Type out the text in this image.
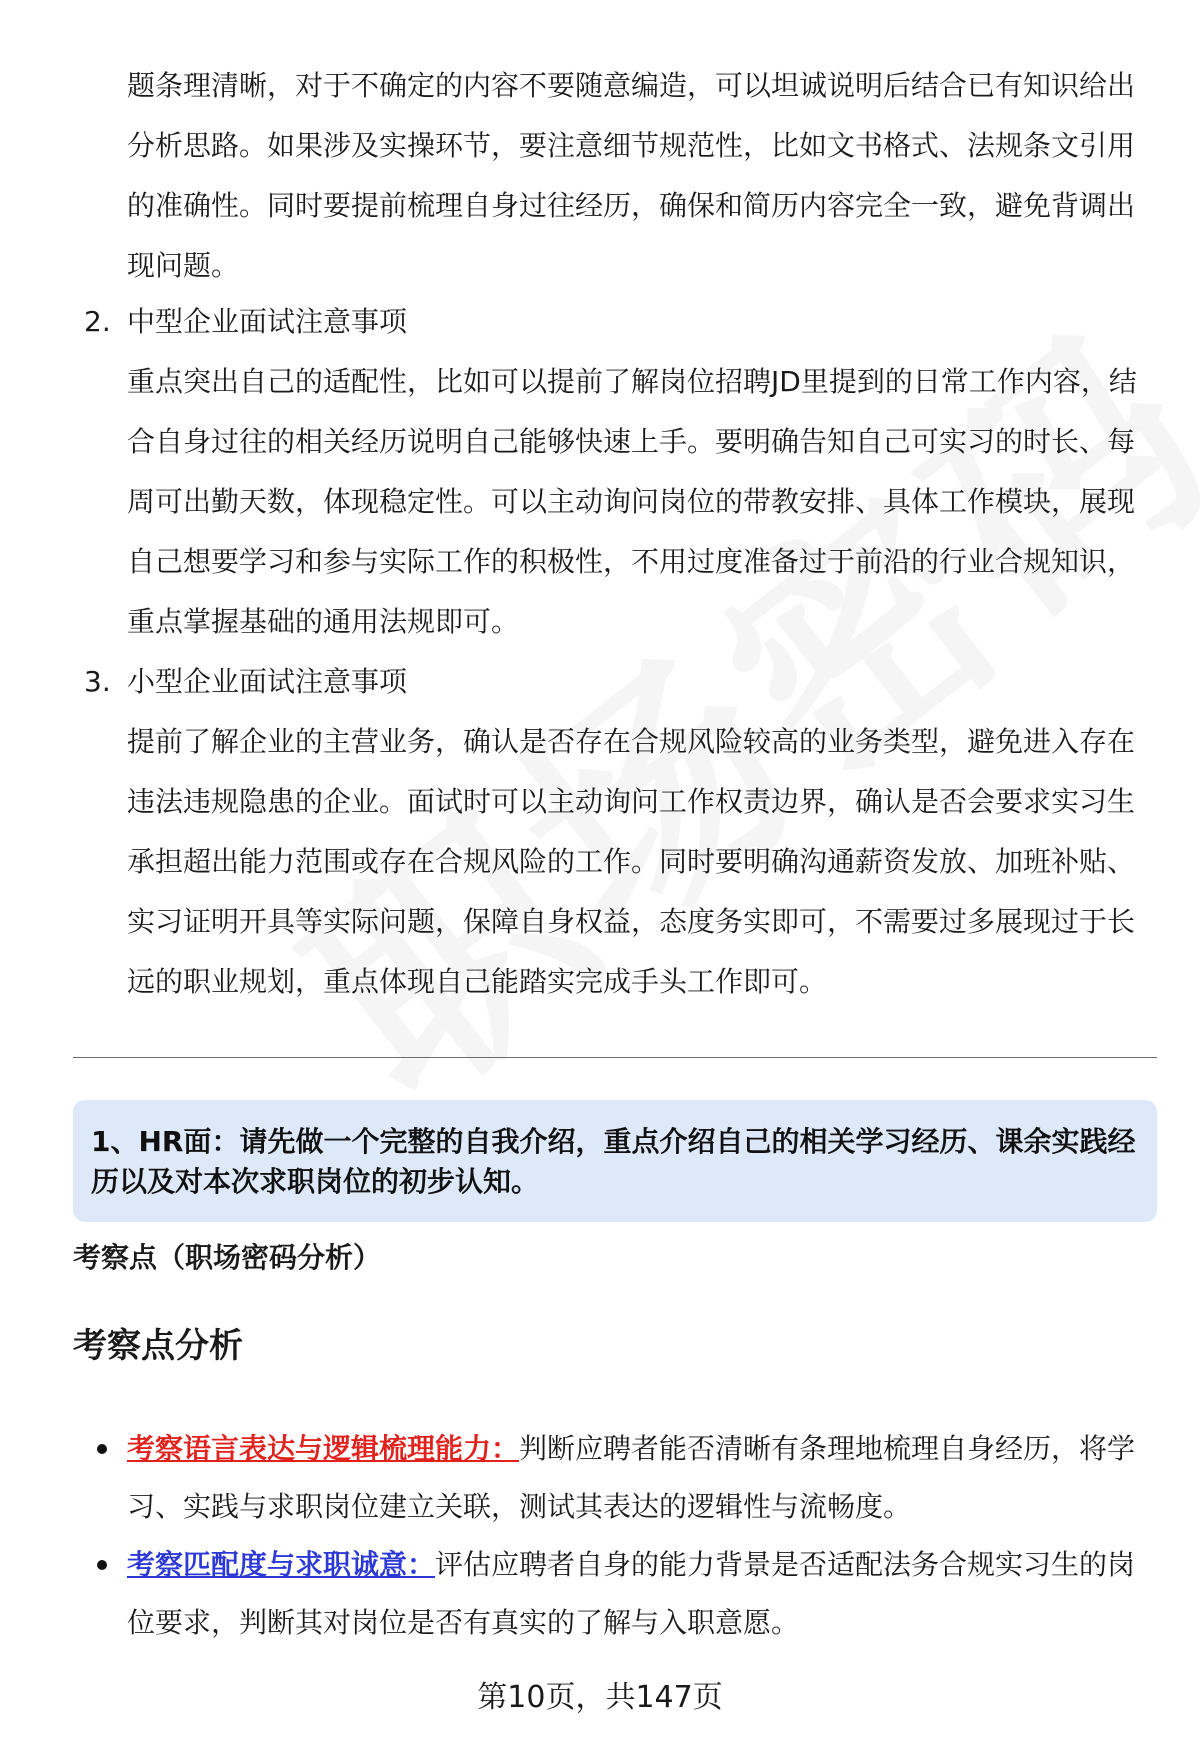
题条理清晰，对于不确定的内容不要随意编造，可以坦诚说明后结合已有知识给出分析思路。如果涉及实操环节，要注意细节规范性，比如文书格式、法规条文引用的准确性。同时要提前梳理自身过往经历，确保和简历内容完全一致，避免背调出现问题。

2. 中型企业面试注意事项

重点突出自己的适配性，比如可以提前了解岗位招聘JD里提到的日常工作内容，结合自身过往的相关经历说明自己能够快速上手。要明确告知自己可实习的时长、每周可出勤天数，体现稳定性。可以主动询问岗位的带教安排、具体工作模块，展现自己想要学习和参与实际工作的积极性，不用过度准备过于前沿的行业合规知识，重点掌握基础的通用法规即可。

3. 小型企业面试注意事项

提前了解企业的主营业务，确认是否存在合规风险较高的业务类型，避免进入存在违法违规隐患的企业。面试时可以主动询问工作权责边界，确认是否会要求实习生承担超出能力范围或存在合规风险的工作。同时要明确沟通薪资发放、加班补贴、实习证明开具等实际问题，保障自身权益，态度务实即可，不需要过多展现过于长远的职业规划，重点体现自己能踏实完成手头工作即可。

1、HR面：请先做一个完整的自我介绍，重点介绍自己的相关学习经历、课余实践经历以及对本次求职岗位的初步认知。
考察点（职场密码分析）
考察点分析
考察语言表达与逻辑梳理能力：判断应聘者能否清晰有条理地梳理自身经历，将学习、实践与求职岗位建立关联，测试其表达的逻辑性与流畅度。
考察匹配度与求职诚意：评估应聘者自身的能力背景是否适配法务合规实习生的岗位要求，判断其对岗位是否有真实的了解与入职意愿。
第10页，共147页
